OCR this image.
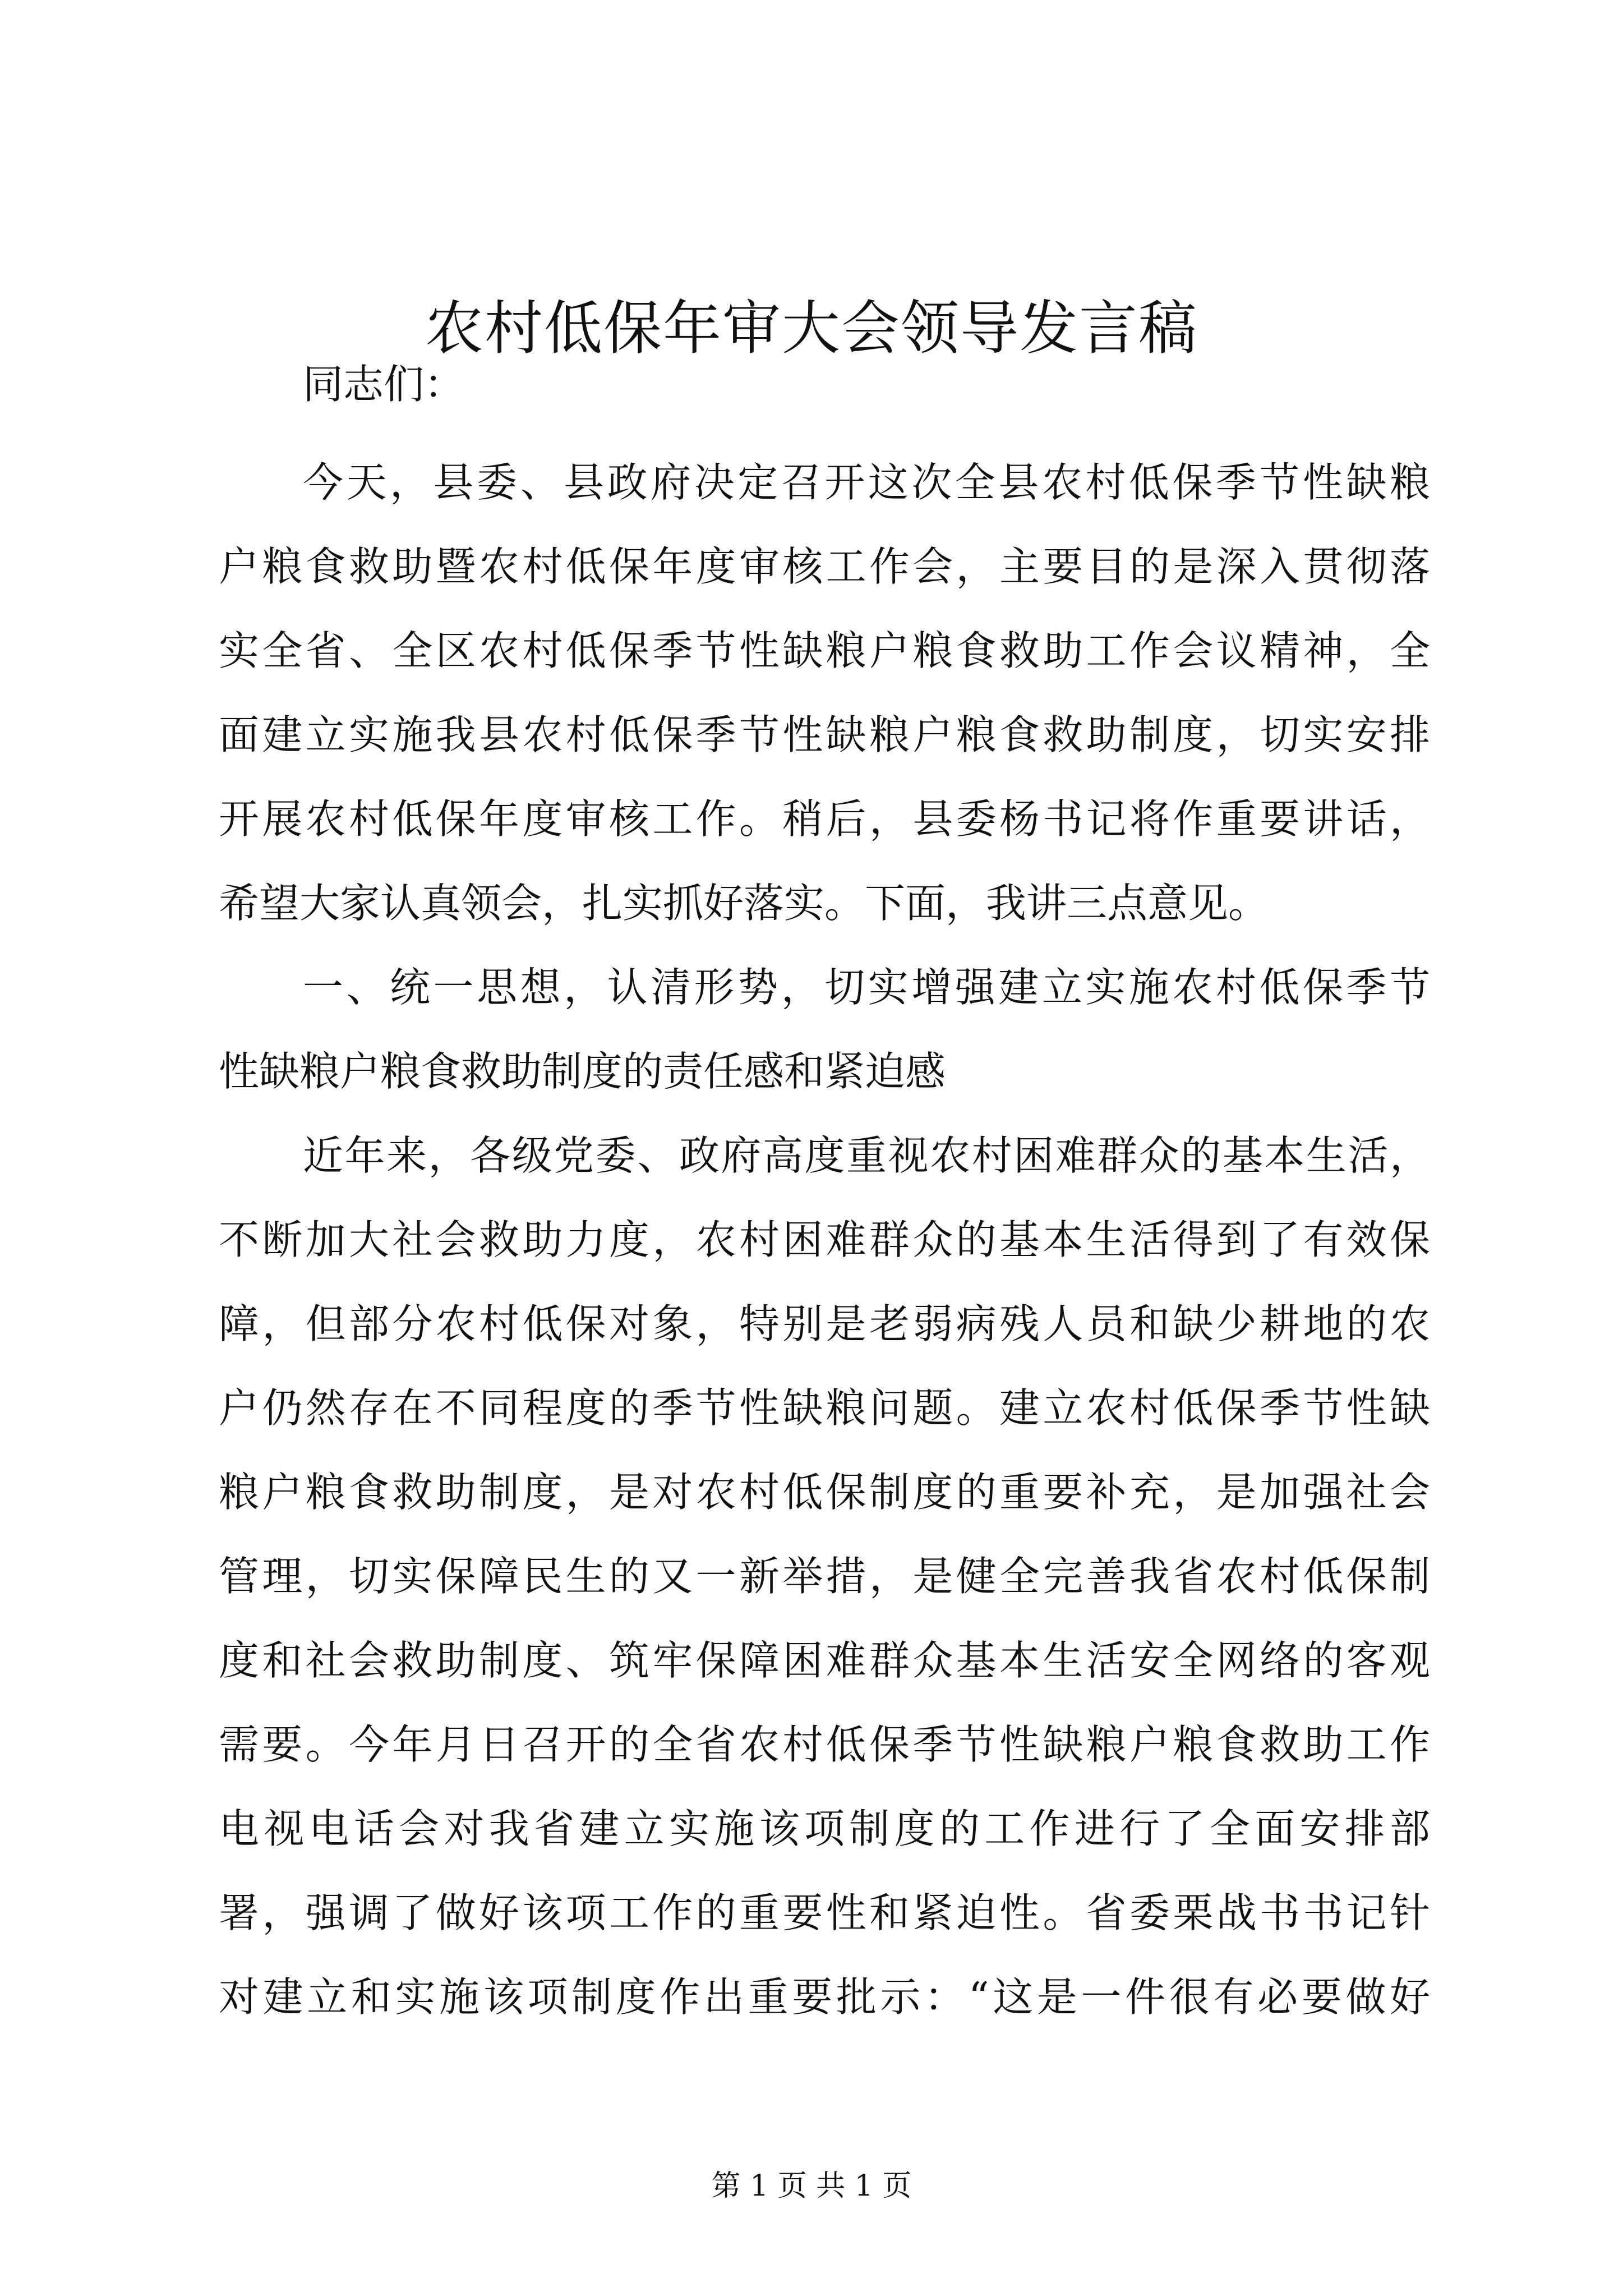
农村低保年审大会领导发言稿

同志们：

今天，县委、县政府决定召开这次全县农村低保季节性缺粮

户粮食救助暨农村低保年度审核工作会，主要目的是深入贯彻落

实全省、全区农村低保季节性缺粮户粮食救助工作会议精神，全

面建立实施我县农村低保季节性缺粮户粮食救助制度，切实安排

开展农村低保年度审核工作。稍后，县委杨书记将作重要讲话，

希望大家认真领会，扎实抓好落实。下面，我讲三点意见。

一、统一思想，认清形势，切实增强建立实施农村低保季节

性缺粮户粮食救助制度的责任感和紧迫感

近年来，各级党委、政府高度重视农村困难群众的基本生活，

不断加大社会救助力度，农村困难群众的基本生活得到了有效保

障，但部分农村低保对象，特别是老弱病残人员和缺少耕地的农

户仍然存在不同程度的季节性缺粮问题。建立农村低保季节性缺

粮户粮食救助制度，是对农村低保制度的重要补充，是加强社会

管理，切实保障民生的又一新举措，是健全完善我省农村低保制

度和社会救助制度、筑牢保障困难群众基本生活安全网络的客观

需要。今年月日召开的全省农村低保季节性缺粮户粮食救助工作

电视电话会对我省建立实施该项制度的工作进行了全面安排部

署，强调了做好该项工作的重要性和紧迫性。省委栗战书书记针

对建立和实施该项制度作出重要批示：“这是一件很有必要做好

第 1 页 共 1 页
